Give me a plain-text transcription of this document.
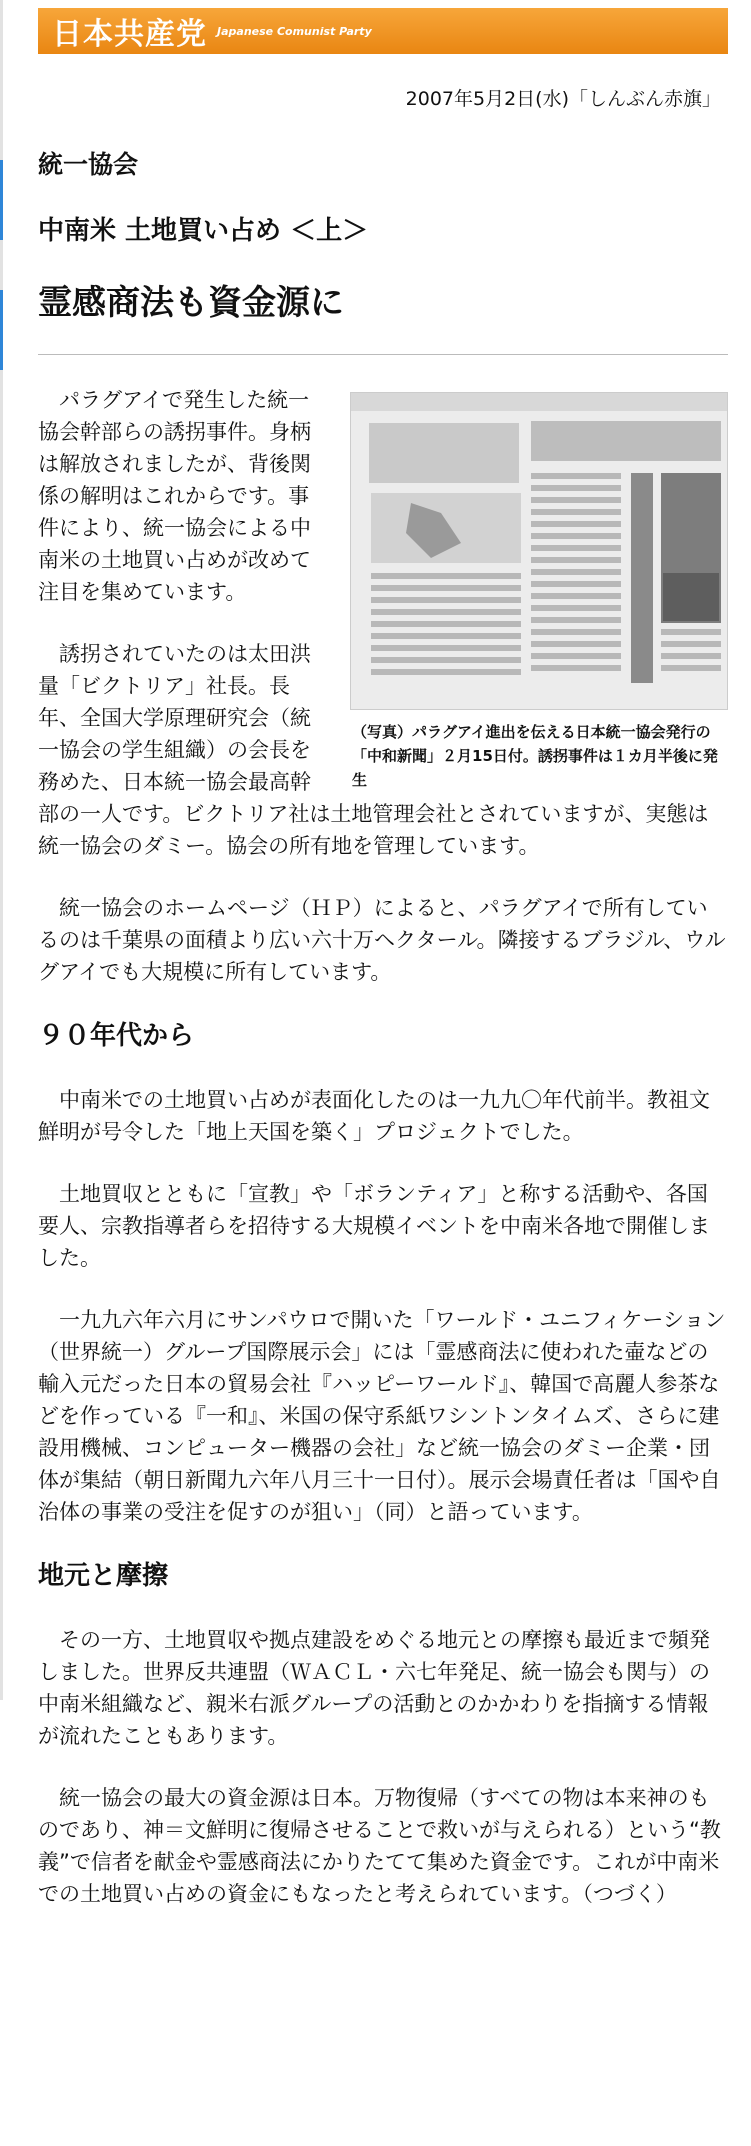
日本共産党 Japanese Comunist Party
2007年5月2日(水)「しんぶん赤旗」
統一協会
中南米 土地買い占め ＜上＞
霊感商法も資金源に
（写真）パラグアイ進出を伝える日本統一協会発行の「中和新聞」２月15日付。誘拐事件は１カ月半後に発生

パラグアイで発生した統一協会幹部らの誘拐事件。身柄は解放されましたが、背後関係の解明はこれからです。事件により、統一協会による中南米の土地買い占めが改めて注目を集めています。

誘拐されていたのは太田洪量「ビクトリア」社長。長年、全国大学原理研究会（統一協会の学生組織）の会長を務めた、日本統一協会最高幹部の一人です。ビクトリア社は土地管理会社とされていますが、実態は統一協会のダミー。協会の所有地を管理しています。

統一協会のホームページ（ＨＰ）によると、パラグアイで所有しているのは千葉県の面積より広い六十万ヘクタール。隣接するブラジル、ウルグアイでも大規模に所有しています。

９０年代から

中南米での土地買い占めが表面化したのは一九九〇年代前半。教祖文鮮明が号令した「地上天国を築く」プロジェクトでした。

土地買収とともに「宣教」や「ボランティア」と称する活動や、各国要人、宗教指導者らを招待する大規模イベントを中南米各地で開催しました。

一九九六年六月にサンパウロで開いた「ワールド・ユニフィケーション（世界統一）グループ国際展示会」には「霊感商法に使われた壷などの輸入元だった日本の貿易会社『ハッピーワールド』、韓国で高麗人参茶などを作っている『一和』、米国の保守系紙ワシントンタイムズ、さらに建設用機械、コンピューター機器の会社」など統一協会のダミー企業・団体が集結（朝日新聞九六年八月三十一日付）。展示会場責任者は「国や自治体の事業の受注を促すのが狙い」（同）と語っています。

地元と摩擦

その一方、土地買収や拠点建設をめぐる地元との摩擦も最近まで頻発しました。世界反共連盟（ＷＡＣＬ・六七年発足、統一協会も関与）の中南米組織など、親米右派グループの活動とのかかわりを指摘する情報が流れたこともあります。

統一協会の最大の資金源は日本。万物復帰（すべての物は本来神のものであり、神＝文鮮明に復帰させることで救いが与えられる）という“教義”で信者を献金や霊感商法にかりたてて集めた資金です。これが中南米での土地買い占めの資金にもなったと考えられています。（つづく）
